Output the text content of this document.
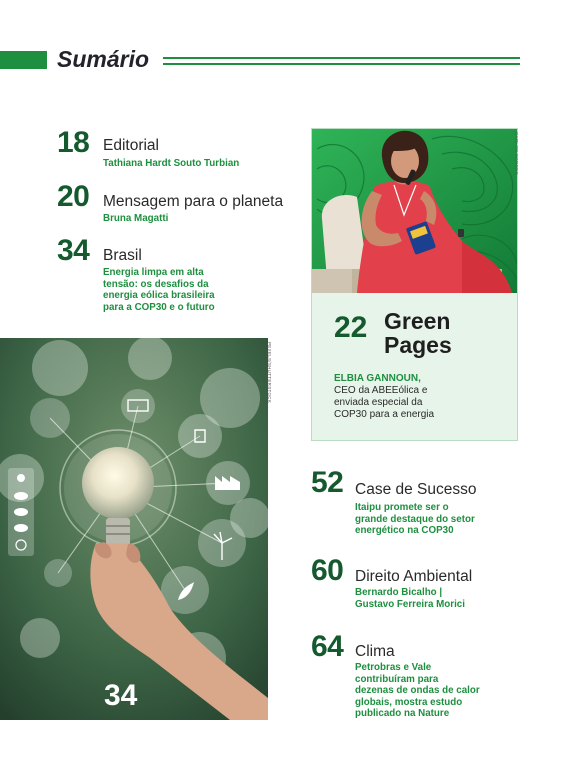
Sumário
18 Editorial
Tathiana Hardt Souto Turbian
20 Mensagem para o planeta
Bruna Magatti
34 Brasil
Energia limpa em alta
tensão: os desafios da
energia eólica brasileira
para a COP30 e o futuro
22 Green
Pages
ELBIA GANNOUN,
CEO da ABEEólica e
enviada especial da
COP30 para a energia
CARLOS BORGES
34
PEXELS/SHUTTERSTOCK
52 Case de Sucesso
Itaipu promete ser o
grande destaque do setor
energético na COP30
60 Direito Ambiental
Bernardo Bicalho |
Gustavo Ferreira Morici
64 Clima
Petrobras e Vale
contribuíram para
dezenas de ondas de calor
globais, mostra estudo
publicado na Nature
